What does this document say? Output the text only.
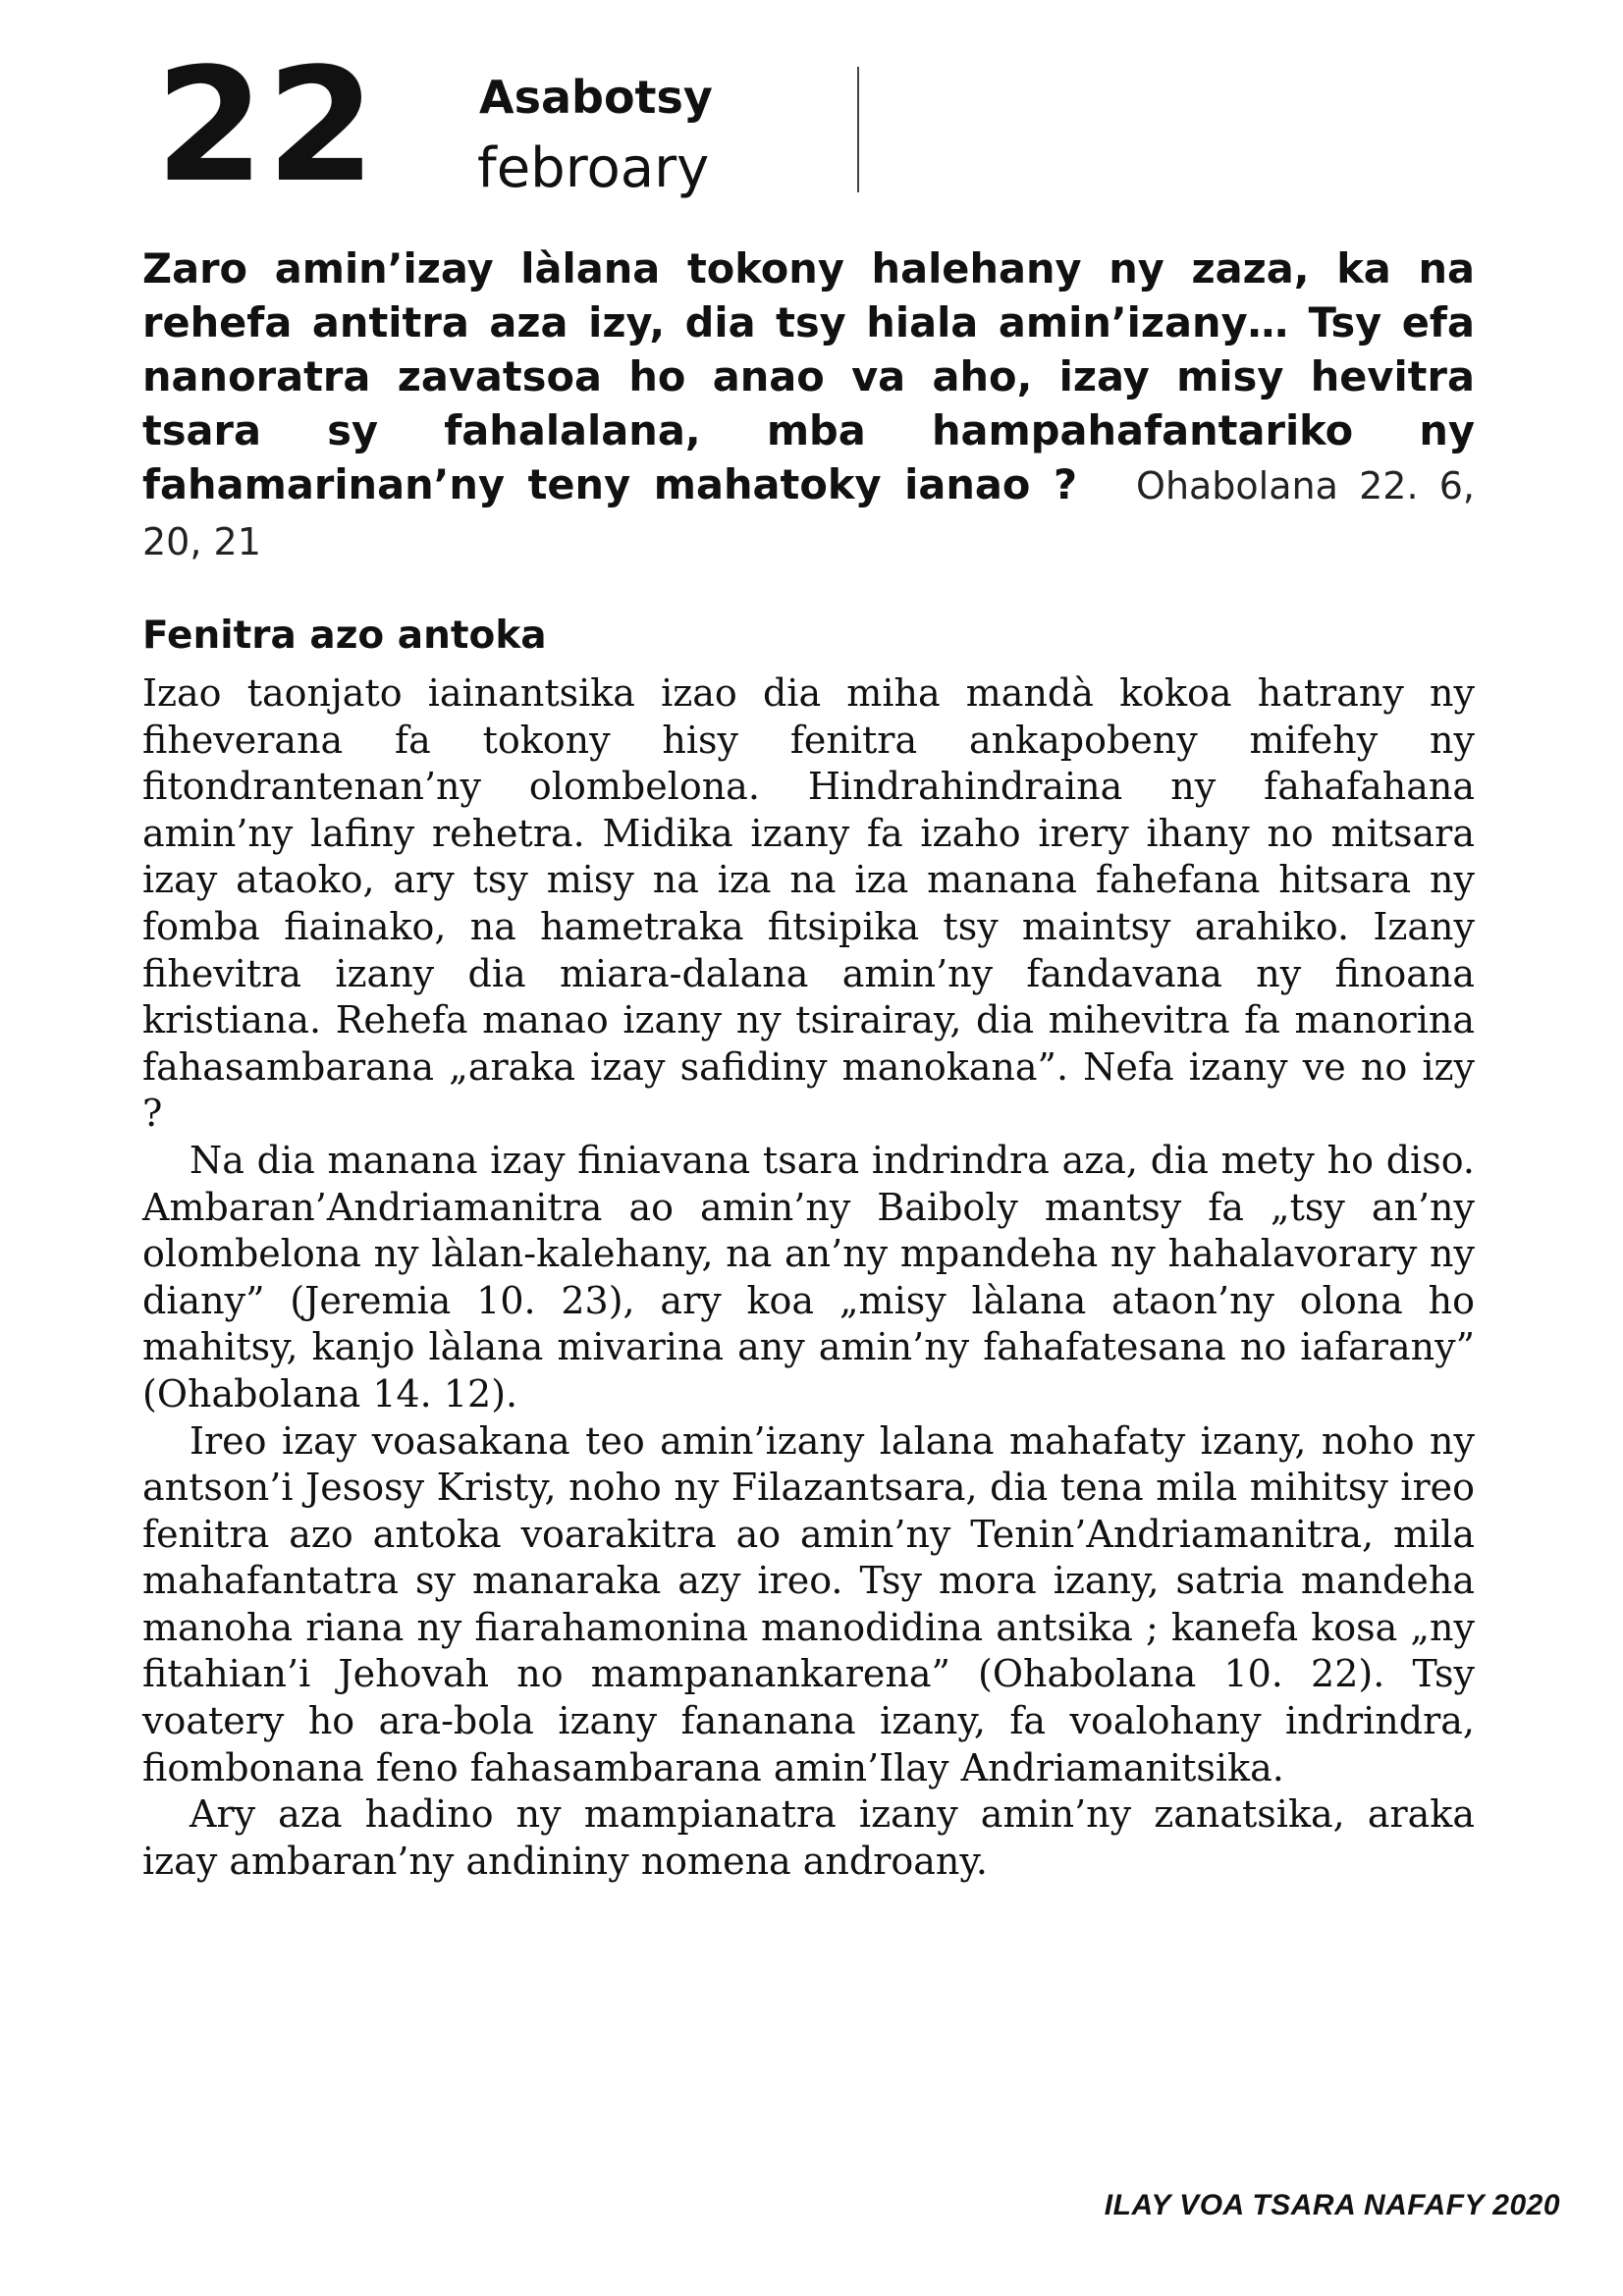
22 Asabotsy
febroary
Zaro amin’izay làlana tokony halehany ny zaza, ka na rehefa antitra aza izy, dia tsy hiala amin’izany… Tsy efa nanoratra zavatsoa ho anao va aho, izay misy hevitra tsara sy fahalalana, mba hampahafantariko ny fahamarinan’ny teny mahatoky ianao ? Ohabolana 22. 6, 20, 21
Fenitra azo antoka

Izao taonjato iainantsika izao dia miha mandà kokoa hatrany ny fiheverana fa tokony hisy fenitra ankapobeny mifehy ny fitondrantenan’ny olombelona. Hindrahindraina ny fahafahana amin’ny lafiny rehetra. Midika izany fa izaho irery ihany no mitsara izay ataoko, ary tsy misy na iza na iza manana fahefana hitsara ny fomba fiainako, na hametraka fitsipika tsy maintsy arahiko. Izany fihevitra izany dia miara-dalana amin’ny fandavana ny finoana kristiana. Rehefa manao izany ny tsirairay, dia mihevitra fa manorina fahasambarana „araka izay safidiny manokana”. Nefa izany ve no izy ?

Na dia manana izay finiavana tsara indrindra aza, dia mety ho diso. Ambaran’Andriamanitra ao amin’ny Baiboly mantsy fa „tsy an’ny olombelona ny làlan-kalehany, na an’ny mpandeha ny hahalavorary ny diany” (Jeremia 10. 23), ary koa „misy làlana ataon’ny olona ho mahitsy, kanjo làlana mivarina any amin’ny fahafatesana no iafarany” (Ohabolana 14. 12).

Ireo izay voasakana teo amin’izany lalana mahafaty izany, noho ny antson’i Jesosy Kristy, noho ny Filazantsara, dia tena mila mihitsy ireo fenitra azo antoka voarakitra ao amin’ny Tenin’Andriamanitra, mila mahafantatra sy manaraka azy ireo. Tsy mora izany, satria mandeha manoha riana ny fiarahamonina manodidina antsika ; kanefa kosa „ny fitahian’i Jehovah no mampanankarena” (Ohabolana 10. 22). Tsy voatery ho ara-bola izany fananana izany, fa voalohany indrindra, fiombonana feno fahasambarana amin’Ilay Andriamanitsika.

Ary aza hadino ny mampianatra izany amin’ny zanatsika, araka izay ambaran’ny andininy nomena androany.

ILAY VOA TSARA NAFAFY 2020
